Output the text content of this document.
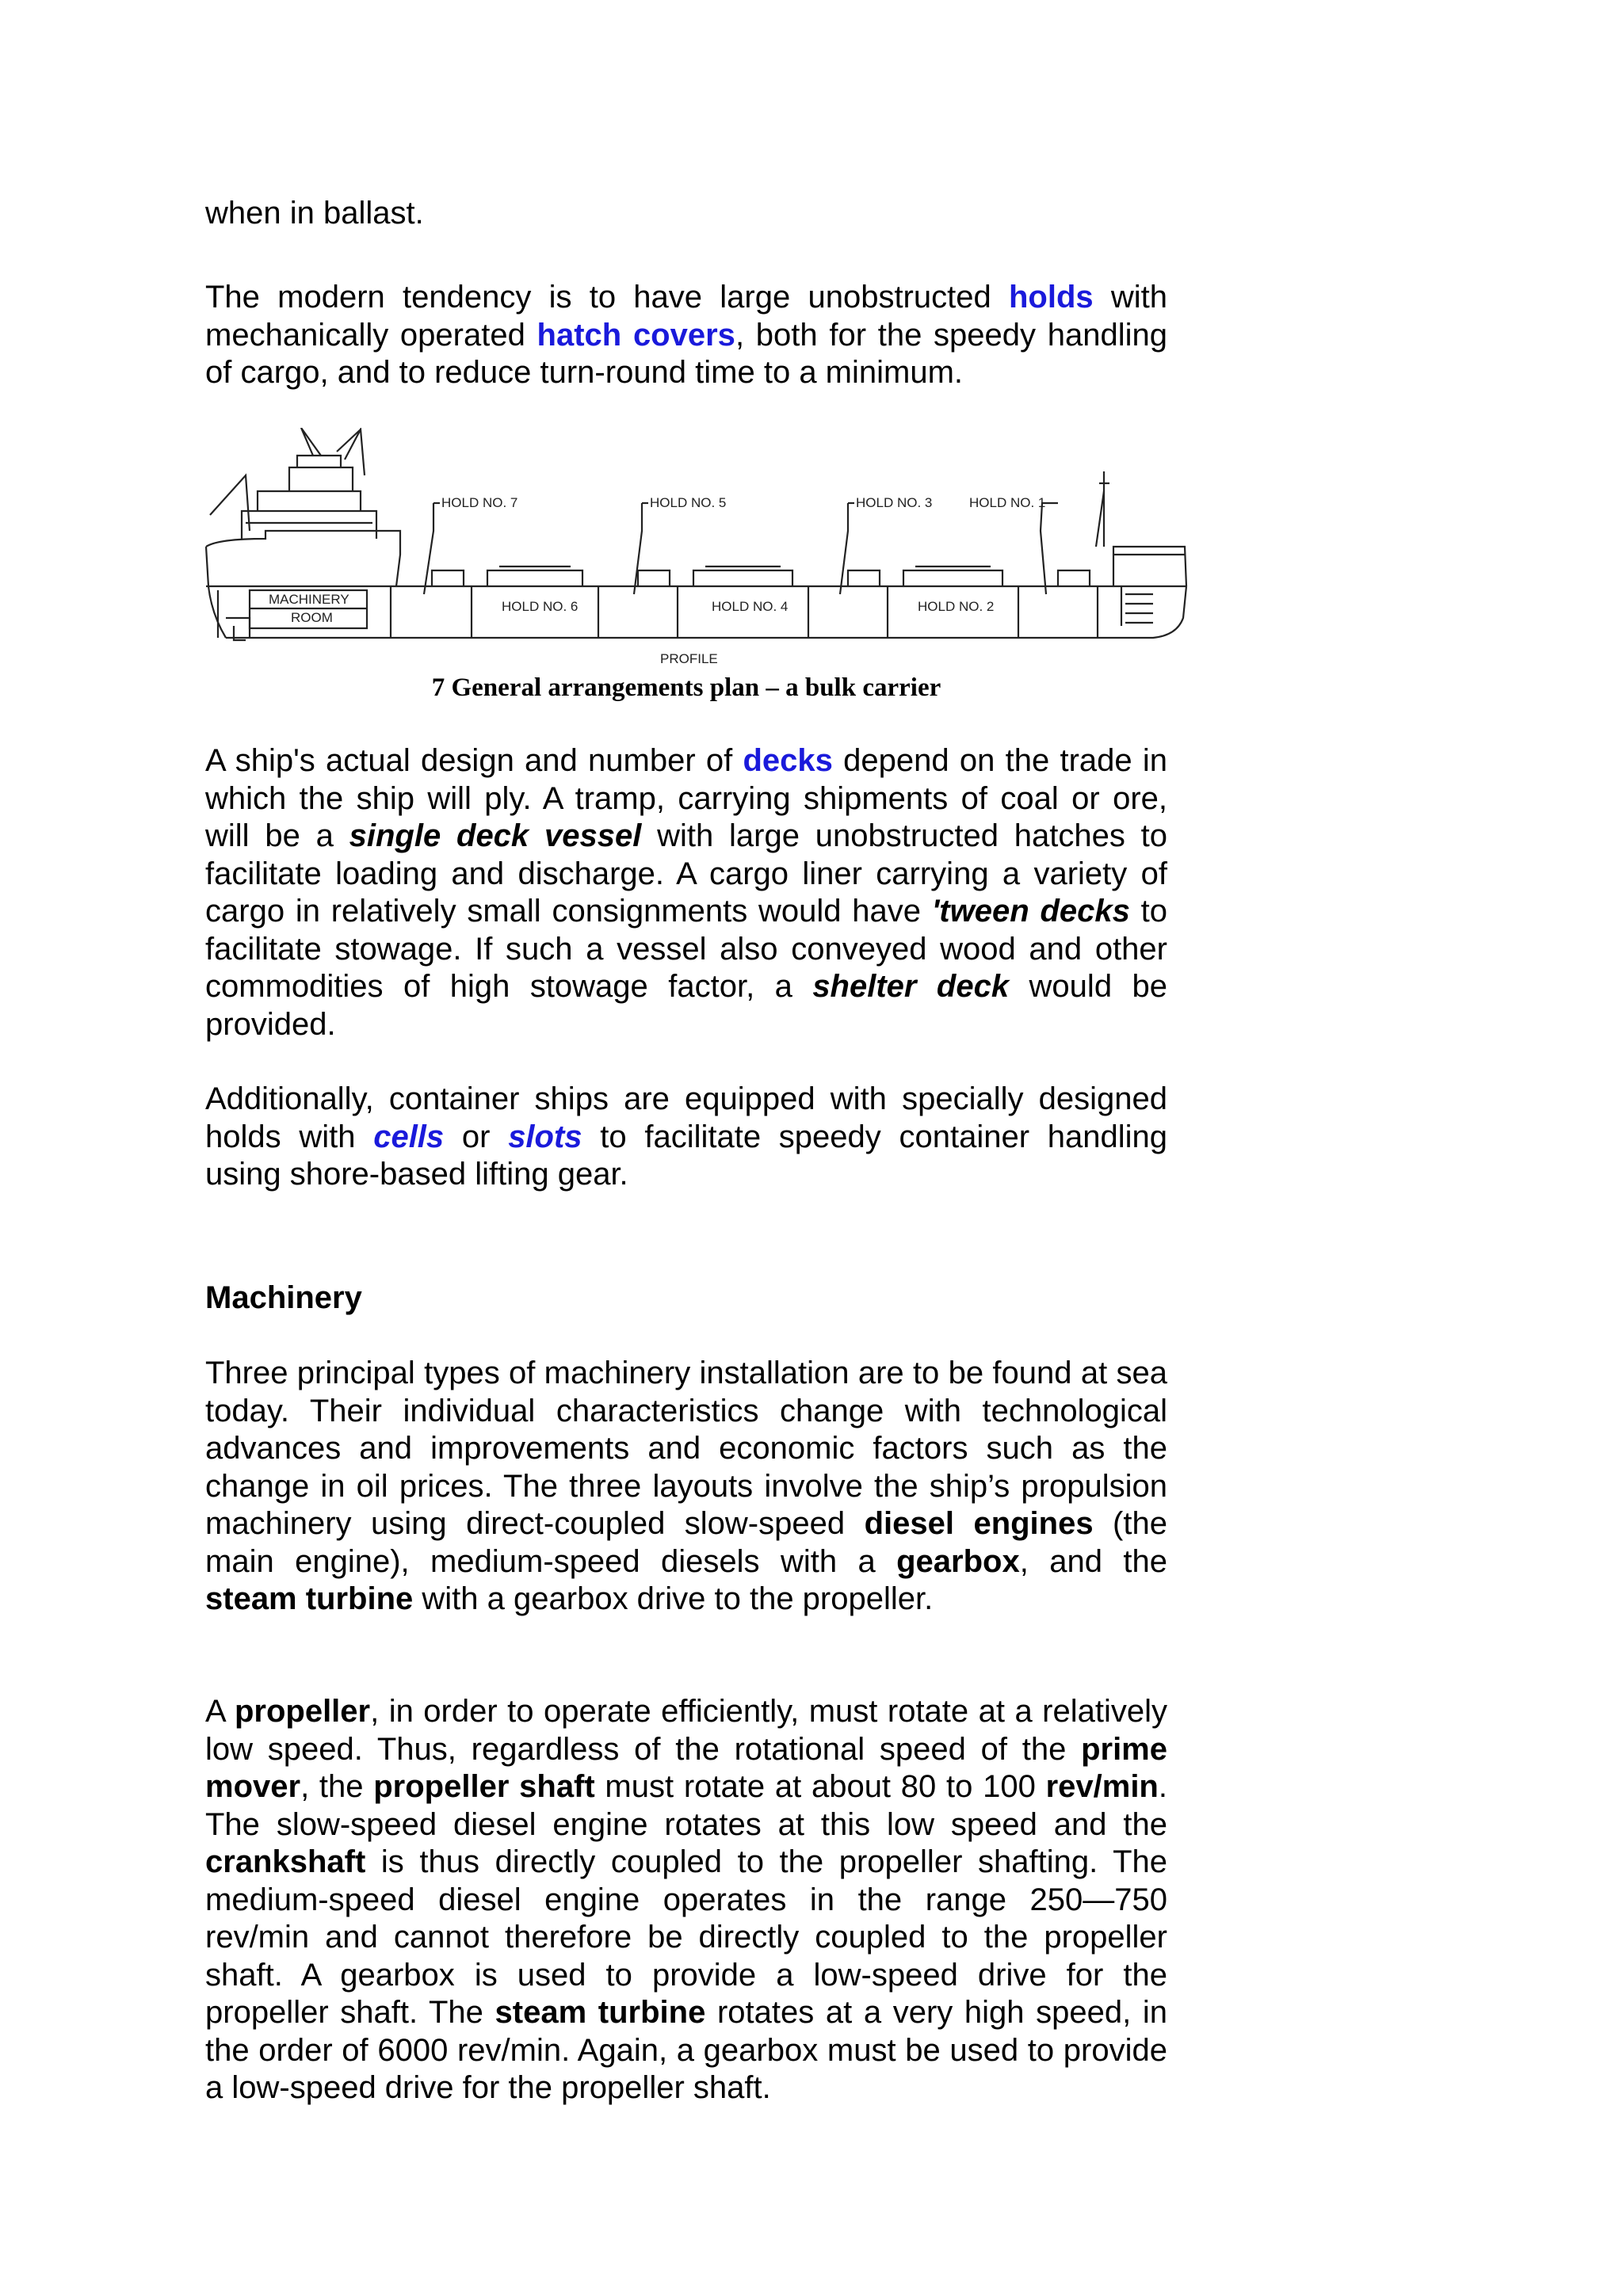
when in ballast.

The modern tendency is to have large unobstructed holds with mechanically operated hatch covers, both for the speedy handling of cargo, and to reduce turn-round time to a minimum.

HOLD NO. 7	HOLD NO. 5	HOLD NO. 3	HOLD NO. 1
HOLD NO. 6	HOLD NO. 4	HOLD NO. 2
MACHINERY
ROOM
PROFILE
7 General arrangements plan – a bulk carrier

A ship's actual design and number of decks depend on the trade in which the ship will ply. A tramp, carrying shipments of coal or ore, will be a single deck vessel with large unobstructed hatches to facilitate loading and discharge. A cargo liner carrying a variety of cargo in relatively small consignments would have 'tween decks to facilitate stowage. If such a vessel also conveyed wood and other commodities of high stowage factor, a shelter deck would be provided.

Additionally, container ships are equipped with specially designed holds with cells or slots to facilitate speedy container handling using shore-based lifting gear.

Machinery

Three principal types of machinery installation are to be found at sea today. Their individual characteristics change with technological advances and improvements and economic factors such as the change in oil prices. The three layouts involve the ship’s propulsion machinery using direct-coupled slow-speed diesel engines (the main engine), medium-speed diesels with a gearbox, and the steam turbine with a gearbox drive to the propeller.

A propeller, in order to operate efficiently, must rotate at a relatively low speed. Thus, regardless of the rotational speed of the prime mover, the propeller shaft must rotate at about 80 to 100 rev/min. The slow-speed diesel engine rotates at this low speed and the crankshaft is thus directly coupled to the propeller shafting. The medium-speed diesel engine operates in the range 250—750 rev/min and cannot therefore be directly coupled to the propeller shaft. A gearbox is used to provide a low-speed drive for the propeller shaft. The steam turbine rotates at a very high speed, in the order of 6000 rev/min. Again, a gearbox must be used to provide a low-speed drive for the propeller shaft.
